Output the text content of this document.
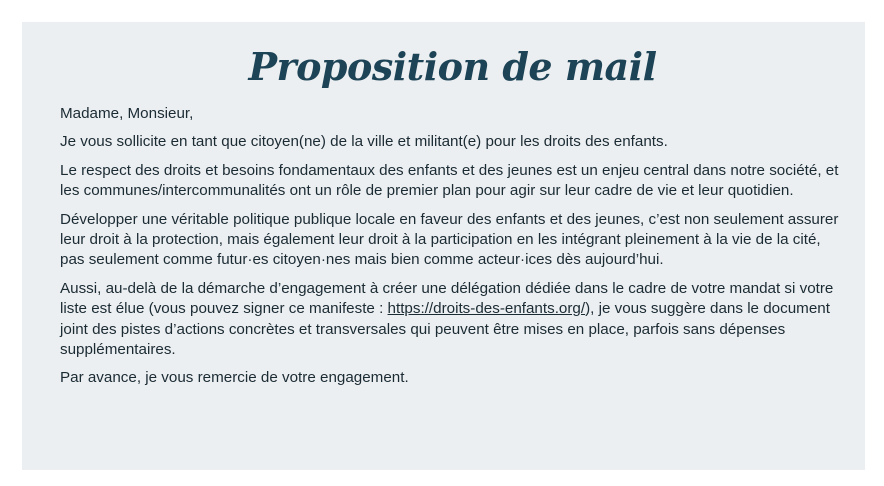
Proposition de mail

Madame, Monsieur,

Je vous sollicite en tant que citoyen(ne) de la ville et militant(e) pour les droits des enfants.

Le respect des droits et besoins fondamentaux des enfants et des jeunes est un enjeu central dans notre société, et les communes/intercommunalités ont un rôle de premier plan pour agir sur leur cadre de vie et leur quotidien.

Développer une véritable politique publique locale en faveur des enfants et des jeunes, c’est non seulement assurer leur droit à la protection, mais également leur droit à la participation en les intégrant pleinement à la vie de la cité, pas seulement comme futur·es citoyen·nes mais bien comme acteur·ices dès aujourd’hui.

Aussi, au-delà de la démarche d’engagement à créer une délégation dédiée dans le cadre de votre mandat si votre liste est élue (vous pouvez signer ce manifeste : https://droits-des-enfants.org/), je vous suggère dans le document joint des pistes d’actions concrètes et transversales qui peuvent être mises en place, parfois sans dépenses supplémentaires.

Par avance, je vous remercie de votre engagement.
